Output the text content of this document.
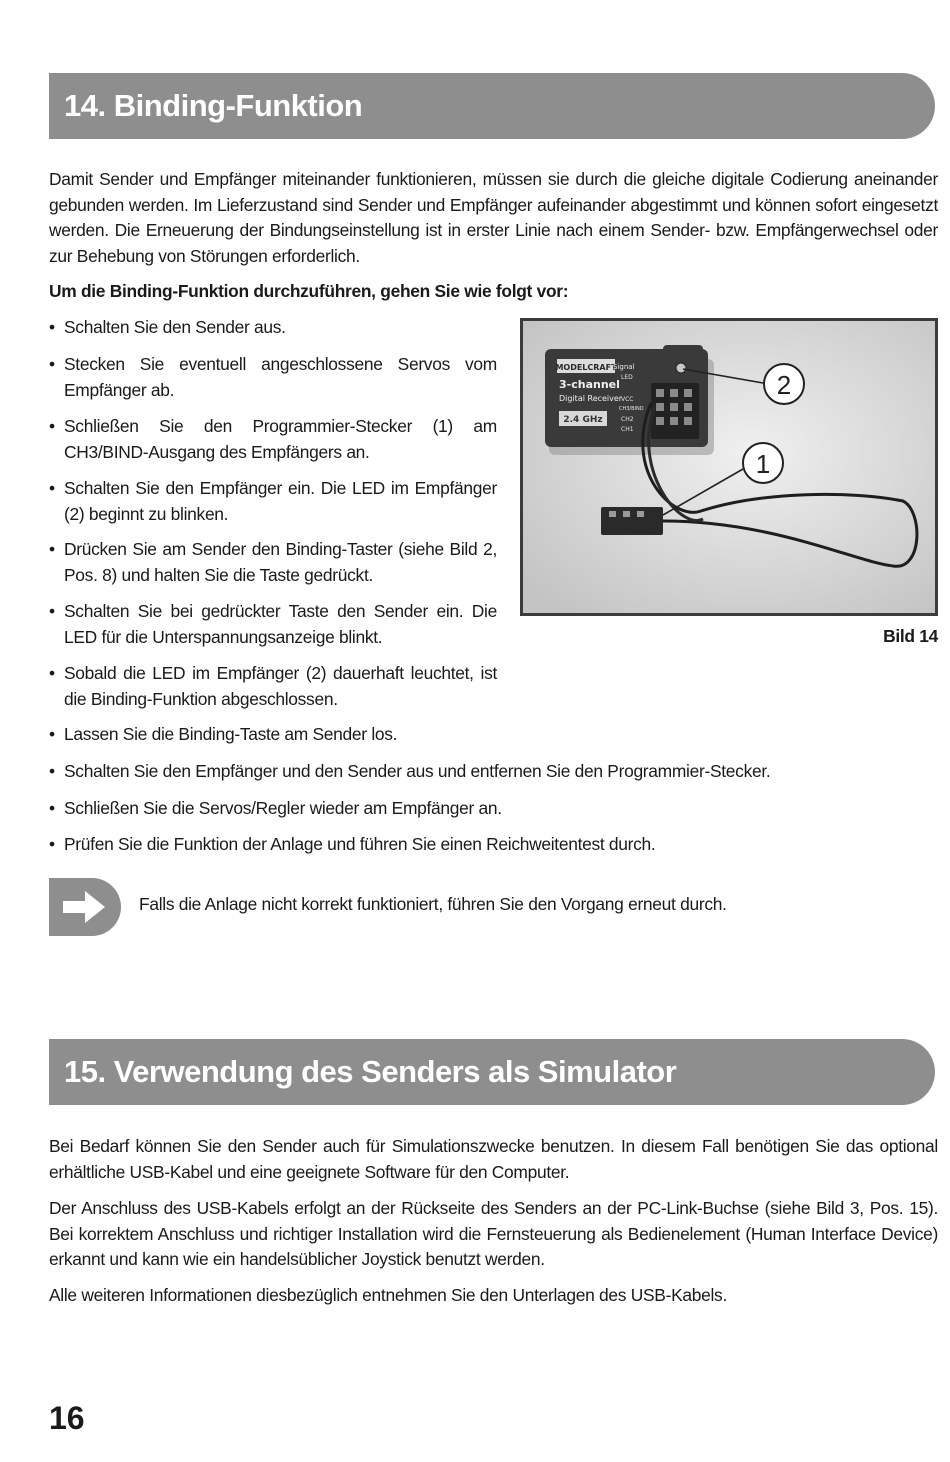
14. Binding-Funktion

Damit Sender und Empfänger miteinander funktionieren, müssen sie durch die gleiche digitale Codierung aneinander gebunden werden. Im Lieferzustand sind Sender und Empfänger aufeinander abgestimmt und können sofort eingesetzt werden. Die Erneuerung der Bindungseinstellung ist in erster Linie nach einem Sender- bzw. Empfängerwechsel oder zur Behebung von Störungen erforderlich.

Um die Binding-Funktion durchzuführen, gehen Sie wie folgt vor:

• Schalten Sie den Sender aus.

• Stecken Sie eventuell angeschlossene Servos vom Empfänger ab.

• Schließen Sie den Programmier-Stecker (1) am CH3/BIND-Ausgang des Empfängers an.

• Schalten Sie den Empfänger ein. Die LED im Empfänger (2) beginnt zu blinken.

• Drücken Sie am Sender den Binding-Taster (siehe Bild 2, Pos. 8) und halten Sie die Taste gedrückt.

• Schalten Sie bei gedrückter Taste den Sender ein. Die LED für die Unterspannungsanzeige blinkt.

• Sobald die LED im Empfänger (2) dauerhaft leuchtet, ist die Binding-Funktion abgeschlossen.

• Lassen Sie die Binding-Taste am Sender los.

• Schalten Sie den Empfänger und den Sender aus und entfernen Sie den Programmier-Stecker.

• Schließen Sie die Servos/Regler wieder am Empfänger an.

• Prüfen Sie die Funktion der Anlage und führen Sie einen Reichweitentest durch.

MODELCRAFT
3-channel
Digital Receiver
2.4 GHz
Signal
LED
VCC
CH3/BIND
CH2
CH1
2
1

Bild 14

Falls die Anlage nicht korrekt funktioniert, führen Sie den Vorgang erneut durch.

15. Verwendung des Senders als Simulator

Bei Bedarf können Sie den Sender auch für Simulationszwecke benutzen. In diesem Fall benötigen Sie das optional erhältliche USB-Kabel und eine geeignete Software für den Computer.

Der Anschluss des USB-Kabels erfolgt an der Rückseite des Senders an der PC-Link-Buchse (siehe Bild 3, Pos. 15). Bei korrektem Anschluss und richtiger Installation wird die Fernsteuerung als Bedienelement (Human Interface Device) erkannt und kann wie ein handelsüblicher Joystick benutzt werden.

Alle weiteren Informationen diesbezüglich entnehmen Sie den Unterlagen des USB-Kabels.

16
